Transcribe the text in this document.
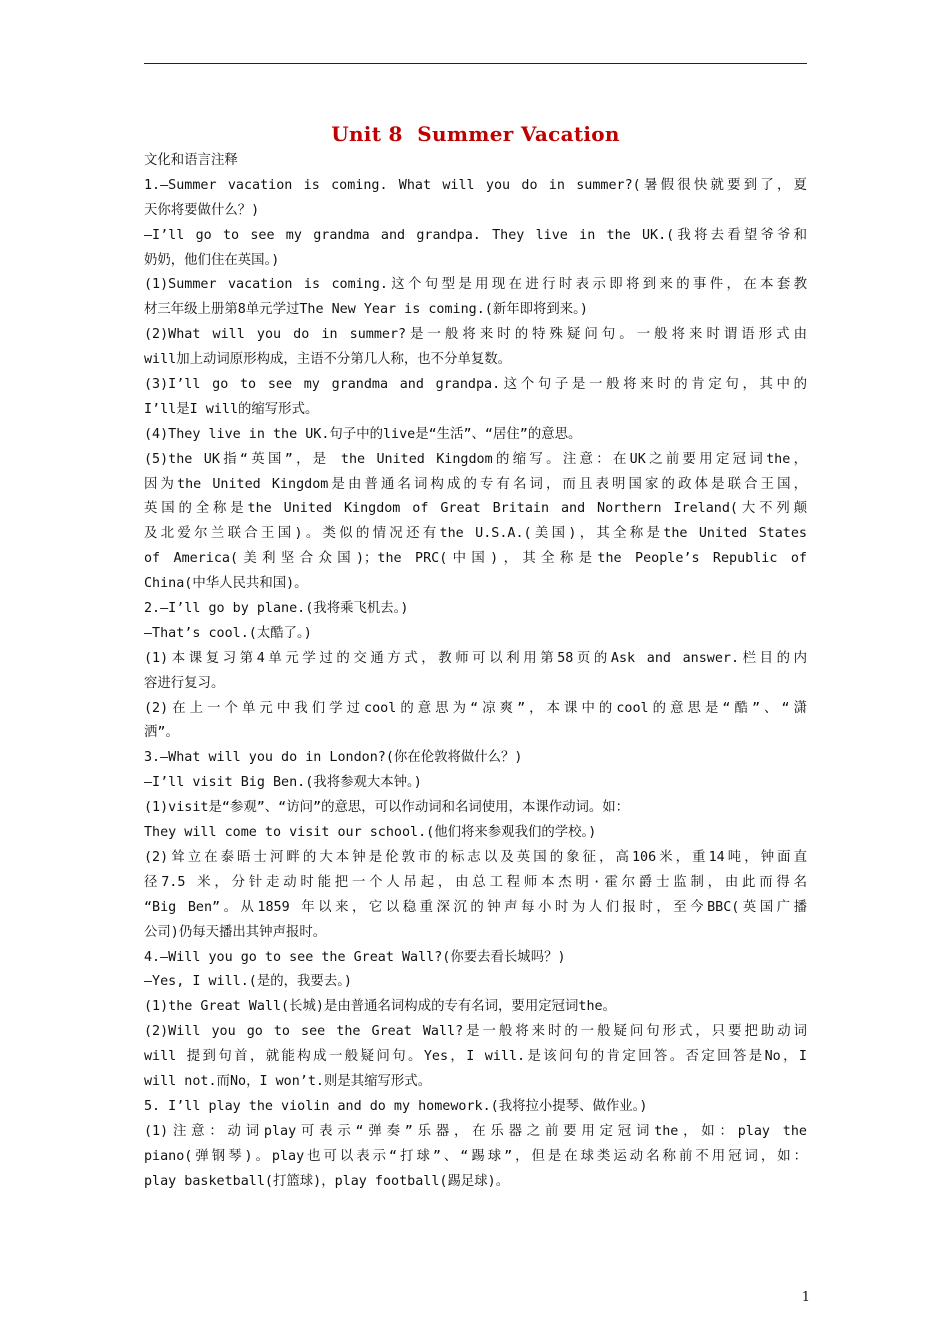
Unit 8  Summer Vacation
文化和语言注释
1.—Summer vacation is coming. What will you do in summer?(暑假很快就要到了，夏
天你将要做什么？)
—I’ll go to see my grandma and grandpa. They live in the UK.(我将去看望爷爷和
奶奶，他们住在英国。)
(1)Summer vacation is coming.这个句型是用现在进行时表示即将到来的事件，在本套教
材三年级上册第8单元学过The New Year is coming.(新年即将到来。)
(2)What will you do in summer?是一般将来时的特殊疑问句。一般将来时谓语形式由
will加上动词原形构成，主语不分第几人称，也不分单复数。
(3)I’ll go to see my grandma and grandpa.这个句子是一般将来时的肯定句，其中的
I’ll是I will的缩写形式。
(4)They live in the UK.句子中的live是“生活”、“居住”的意思。
(5)the UK指“英国”，是 the United Kingdom的缩写。注意：在UK之前要用定冠词the，
因为the United Kingdom是由普通名词构成的专有名词，而且表明国家的政体是联合王国，
英国的全称是the United Kingdom of Great Britain and Northern Ireland(大不列颠
及北爱尔兰联合王国)。类似的情况还有the U.S.A.(美国)，其全称是the United States
of America(美利坚合众国)；the PRC(中国)，其全称是the People’s Republic of
China(中华人民共和国)。
2.—I’ll go by plane.(我将乘飞机去。)
—That’s cool.(太酷了。)
(1)本课复习第4单元学过的交通方式，教师可以利用第58页的Ask and answer.栏目的内
容进行复习。
(2)在上一个单元中我们学过cool的意思为“凉爽”，本课中的cool的意思是“酷”、“潇
洒”。
3.—What will you do in London?(你在伦敦将做什么？)
—I’ll visit Big Ben.(我将参观大本钟。)
(1)visit是“参观”、“访问”的意思，可以作动词和名词使用，本课作动词。如：
They will come to visit our school.(他们将来参观我们的学校。)
(2)耸立在泰晤士河畔的大本钟是伦敦市的标志以及英国的象征，高106米，重14吨，钟面直
径7.5 米，分针走动时能把一个人吊起，由总工程师本杰明·霍尔爵士监制，由此而得名
“Big Ben”。从1859 年以来，它以稳重深沉的钟声每小时为人们报时，至今BBC(英国广播
公司)仍每天播出其钟声报时。
4.—Will you go to see the Great Wall?(你要去看长城吗？)
—Yes, I will.(是的，我要去。)
(1)the Great Wall(长城)是由普通名词构成的专有名词，要用定冠词the。
(2)Will you go to see the Great Wall?是一般将来时的一般疑问句形式，只要把助动词
will 提到句首，就能构成一般疑问句。Yes，I will.是该问句的肯定回答。否定回答是No，I
will not.而No，I won’t.则是其缩写形式。
5. I’ll play the violin and do my homework.(我将拉小提琴、做作业。)
(1)注意：动词play可表示“弹奏”乐器，在乐器之前要用定冠词the，如：play the
piano(弹钢琴)。play也可以表示“打球”、“踢球”，但是在球类运动名称前不用冠词，如：
play basketball(打篮球)，play football(踢足球)。
1
